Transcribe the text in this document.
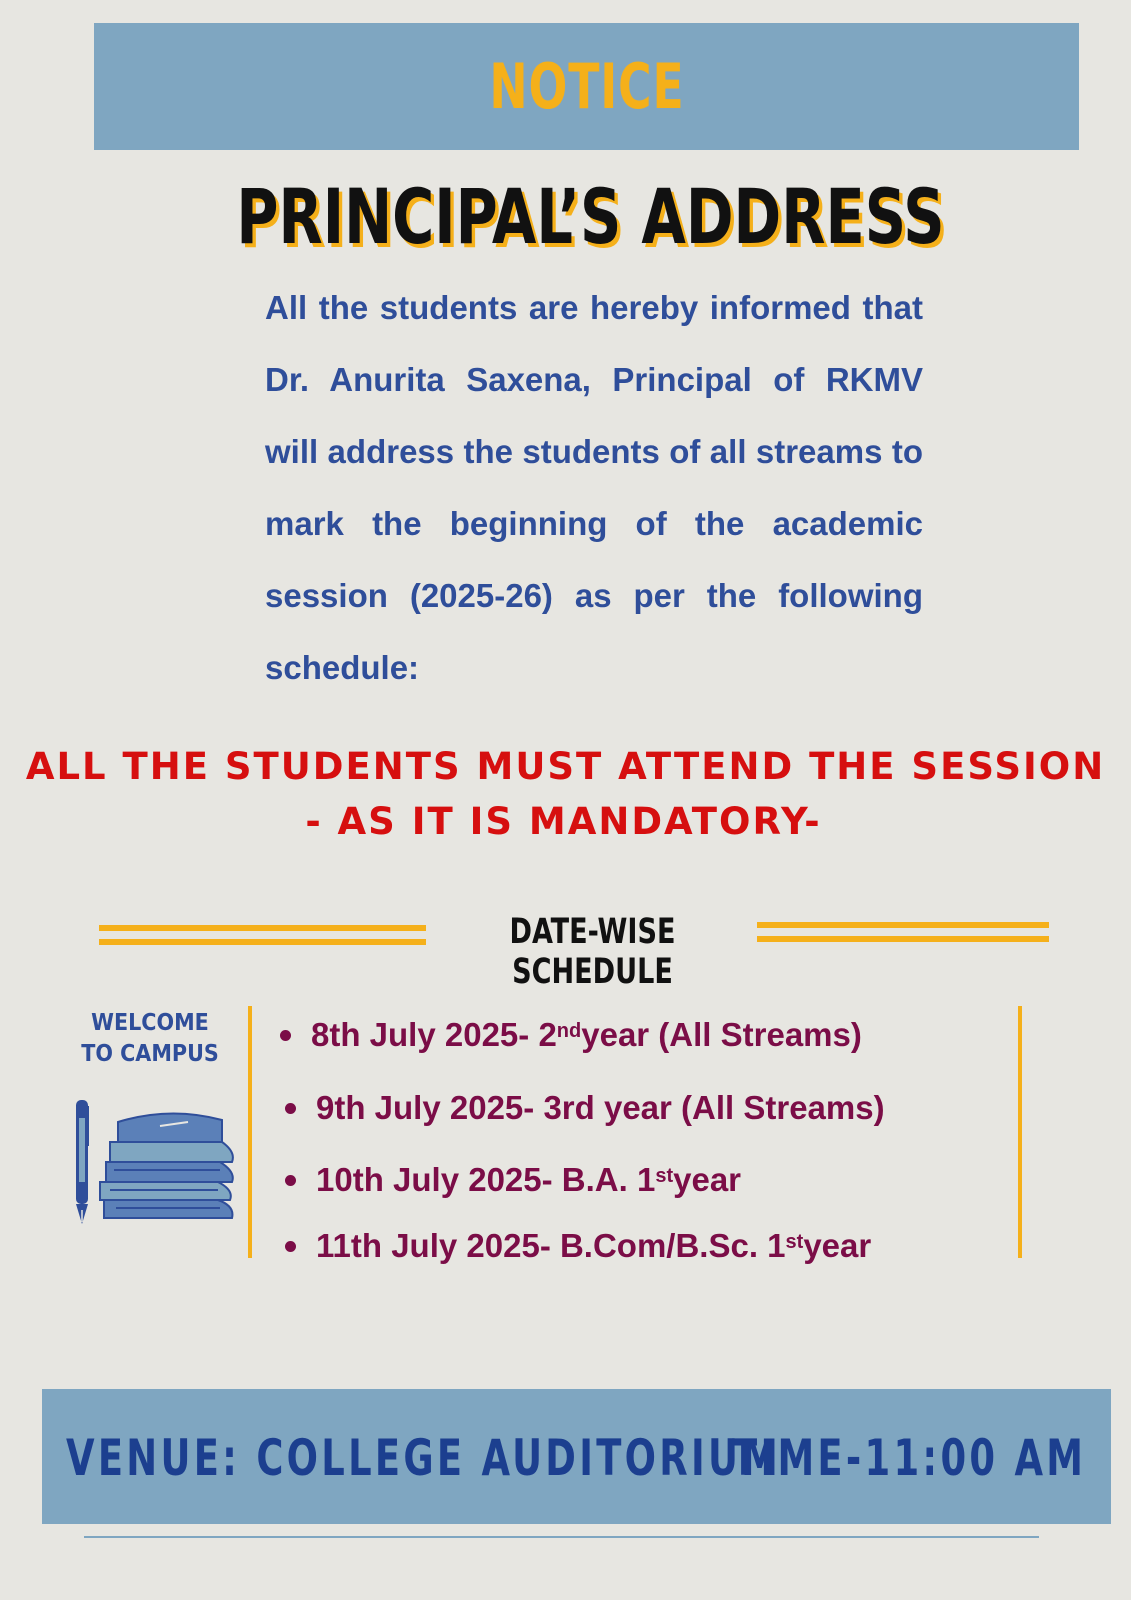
NOTICE
PRINCIPAL’S ADDRESS

All the students are hereby informed that Dr. Anurita Saxena, Principal of RKMV will address the students of all streams to mark the beginning of the academic session (2025-26) as per the following schedule:

ALL THE STUDENTS MUST ATTEND THE SESSION
- AS IT IS MANDATORY-
DATE-WISE SCHEDULE
WELCOME
TO CAMPUS
8th July 2025- 2nd year (All Streams)
9th July 2025- 3rd year (All Streams)
10th July 2025- B.A. 1st year
11th July 2025- B.Com/B.Sc. 1st year
VENUE: COLLEGE AUDITORIUM
TIME-11:00 AM
